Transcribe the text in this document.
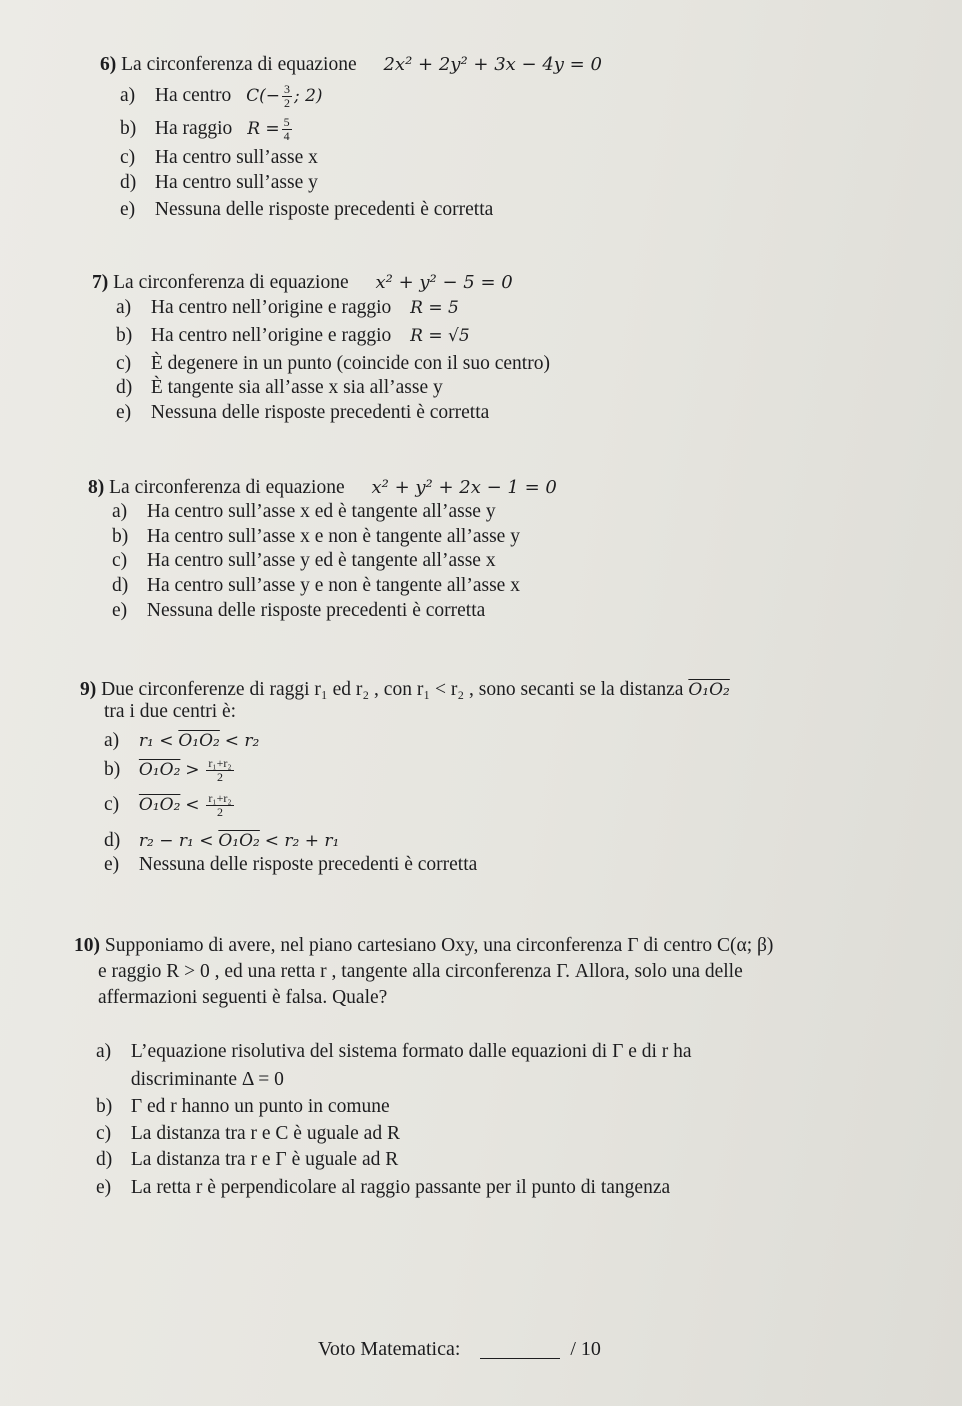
6) La circonferenza di equazione 2x² + 2y² + 3x − 4y = 0
a) Ha centro $C(- \frac{3}{2}$ ; 2)
b) Ha raggio $R = \frac{5}{4}$
c) Ha centro sull’asse x
d) Ha centro sull’asse y
e) Nessuna delle risposte precedenti è corretta
7) La circonferenza di equazione x² + y² − 5 = 0
a) Ha centro nell’origine e raggio R = 5
b) Ha centro nell’origine e raggio R = √5
c) È degenere in un punto (coincide con il suo centro)
d) È tangente sia all’asse x sia all’asse y
e) Nessuna delle risposte precedenti è corretta
8) La circonferenza di equazione x² + y² + 2x − 1 = 0
a) Ha centro sull’asse x ed è tangente all’asse y
b) Ha centro sull’asse x e non è tangente all’asse y
c) Ha centro sull’asse y ed è tangente all’asse x
d) Ha centro sull’asse y e non è tangente all’asse x
e) Nessuna delle risposte precedenti è corretta
9) Due circonferenze di raggi r₁ ed r₂ , con r₁ < r₂ , sono secanti se la distanza O₁O₂
tra i due centri è:
a) r₁ < O₁O₂ < r₂
b) $O_1O_2 > \frac{\text{r₁+r₂}}{2}$
c) $O_1O_2 < \frac{\text{r₁+r₂}}{2}$
d) r₂ − r₁ < O₁O₂ < r₂ + r₁
e) Nessuna delle risposte precedenti è corretta
10) Supponiamo di avere, nel piano cartesiano Oxy, una circonferenza Γ di centro C(α; β)
e raggio R > 0 , ed una retta r , tangente alla circonferenza Γ. Allora, solo una delle
affermazioni seguenti è falsa. Quale?
a) L’equazione risolutiva del sistema formato dalle equazioni di Γ e di r ha
discriminante Δ = 0
b) Γ ed r hanno un punto in comune
c) La distanza tra r e C è uguale ad R
d) La distanza tra r e Γ è uguale ad R
e) La retta r è perpendicolare al raggio passante per il punto di tangenza
Voto Matematica:	/ 10
